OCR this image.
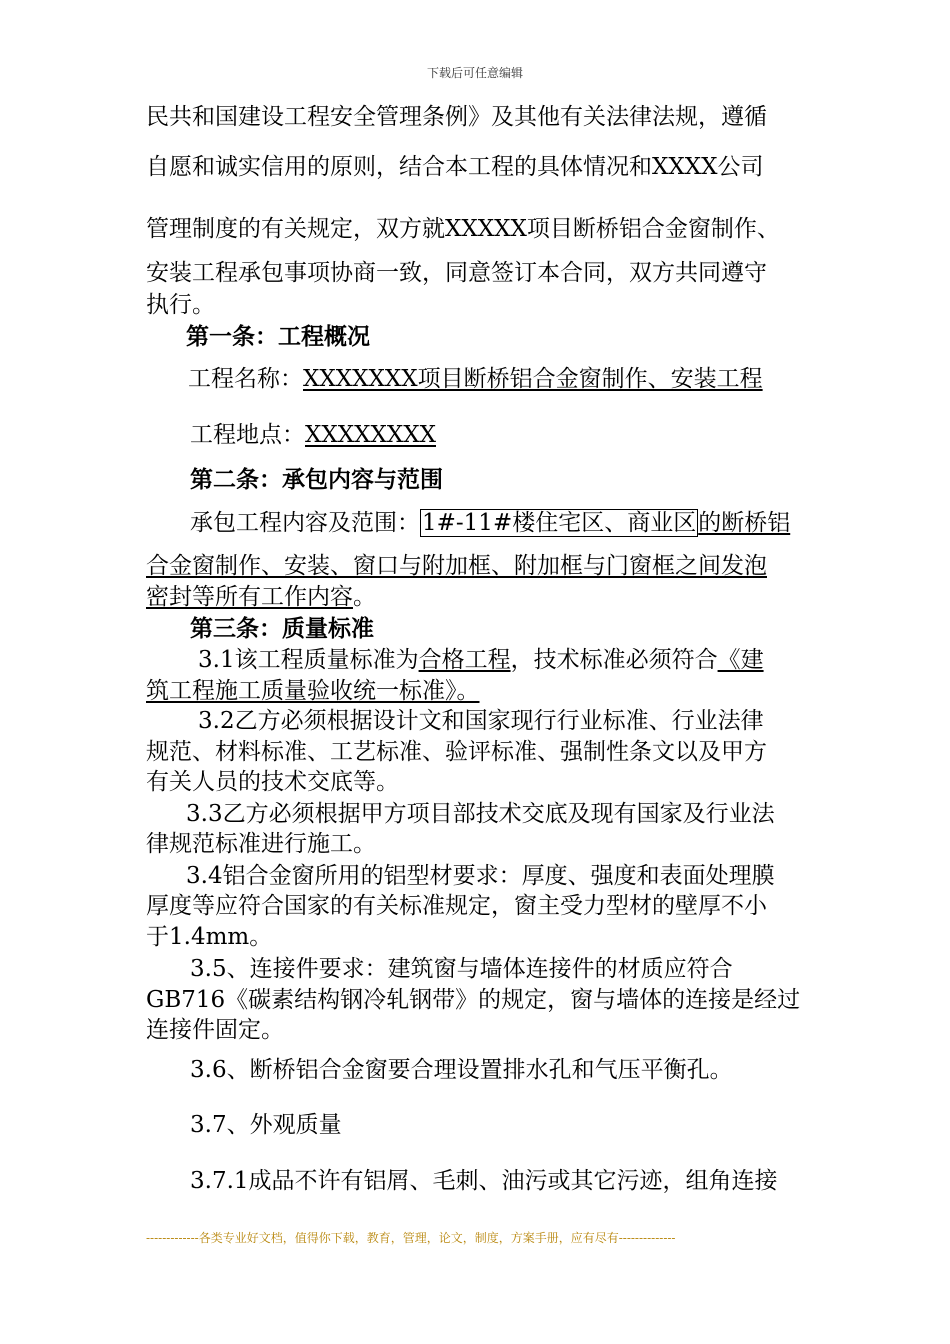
下载后可任意编辑
民共和国建设工程安全管理条例》及其他有关法律法规，遵循
自愿和诚实信用的原则，结合本工程的具体情况和XXXX公司
管理制度的有关规定，双方就XXXXX项目断桥铝合金窗制作、
安装工程承包事项协商一致，同意签订本合同，双方共同遵守
执行。
第一条：工程概况
工程名称：XXXXXXX项目断桥铝合金窗制作、安装工程
工程地点：XXXXXXXX
第二条：承包内容与范围
承包工程内容及范围：1#-11#楼住宅区、商业区的断桥铝
合金窗制作、安装、窗口与附加框、附加框与门窗框之间发泡
密封等所有工作内容。
第三条：质量标准
3.1该工程质量标准为合格工程，技术标准必须符合《建
筑工程施工质量验收统一标准》。
3.2乙方必须根据设计文和国家现行行业标准、行业法律
规范、材料标准、工艺标准、验评标准、强制性条文以及甲方
有关人员的技术交底等。
3.3乙方必须根据甲方项目部技术交底及现有国家及行业法
律规范标准进行施工。
3.4铝合金窗所用的铝型材要求：厚度、强度和表面处理膜
厚度等应符合国家的有关标准规定，窗主受力型材的壁厚不小
于1.4mm。
3.5、连接件要求：建筑窗与墙体连接件的材质应符合
GB716《碳素结构钢冷轧钢带》的规定，窗与墙体的连接是经过
连接件固定。
3.6、断桥铝合金窗要合理设置排水孔和气压平衡孔。
3.7、外观质量
3.7.1成品不许有铝屑、毛刺、油污或其它污迹，组角连接
-------------各类专业好文档，值得你下载，教育，管理，论文，制度，方案手册，应有尽有--------------
